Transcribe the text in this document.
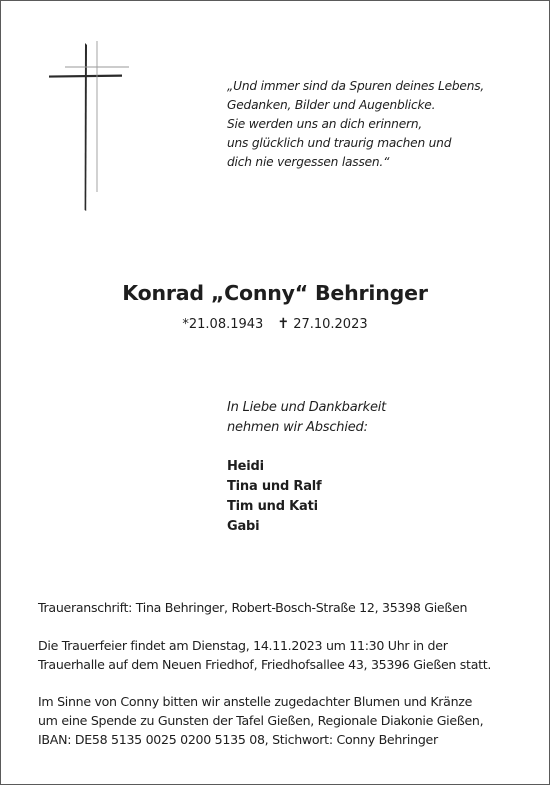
„Und immer sind da Spuren deines Lebens,
Gedanken, Bilder und Augenblicke.
Sie werden uns an dich erinnern,
uns glücklich und traurig machen und
dich nie vergessen lassen.“
Konrad „Conny“ Behringer
*21.08.1943 ✝ 27.10.2023
In Liebe und Dankbarkeit
nehmen wir Abschied:
Heidi
Tina und Ralf
Tim und Kati
Gabi
Traueranschrift: Tina Behringer, Robert-Bosch-Straße 12, 35398 Gießen
Die Trauerfeier findet am Dienstag, 14.11.2023 um 11:30 Uhr in der
Trauerhalle auf dem Neuen Friedhof, Friedhofsallee 43, 35396 Gießen statt.
Im Sinne von Conny bitten wir anstelle zugedachter Blumen und Kränze
um eine Spende zu Gunsten der Tafel Gießen, Regionale Diakonie Gießen,
IBAN: DE58 5135 0025 0200 5135 08, Stichwort: Conny Behringer
